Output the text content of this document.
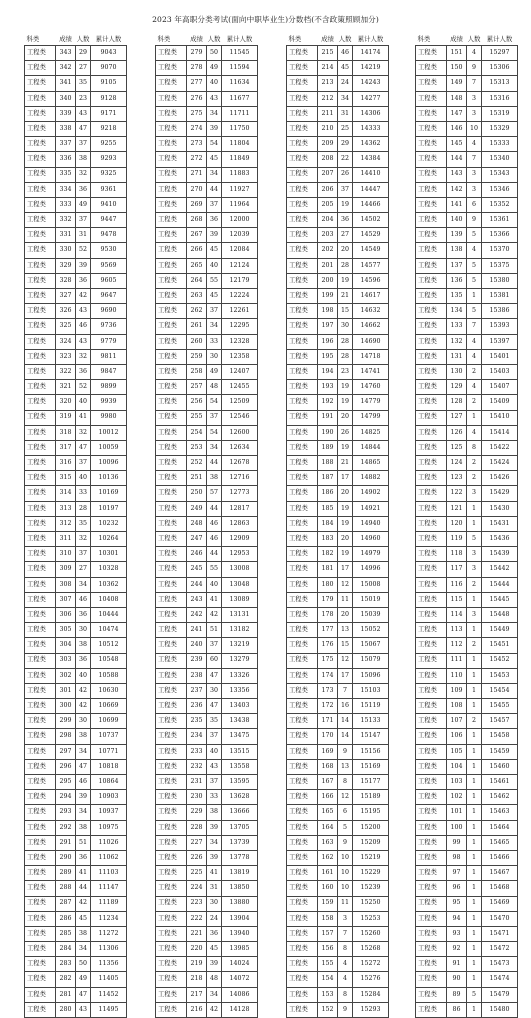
2023 年高职分类考试(面向中职毕业生)分数档(不含政策照顾加分)
科类	成绩	人数	累计人数
工程类	343	29	9043
工程类	342	27	9070
工程类	341	35	9105
工程类	340	23	9128
工程类	339	43	9171
工程类	338	47	9218
工程类	337	37	9255
工程类	336	38	9293
工程类	335	32	9325
工程类	334	36	9361
工程类	333	49	9410
工程类	332	37	9447
工程类	331	31	9478
工程类	330	52	9530
工程类	329	39	9569
工程类	328	36	9605
工程类	327	42	9647
工程类	326	43	9690
工程类	325	46	9736
工程类	324	43	9779
工程类	323	32	9811
工程类	322	36	9847
工程类	321	52	9899
工程类	320	40	9939
工程类	319	41	9980
工程类	318	32	10012
工程类	317	47	10059
工程类	316	37	10096
工程类	315	40	10136
工程类	314	33	10169
工程类	313	28	10197
工程类	312	35	10232
工程类	311	32	10264
工程类	310	37	10301
工程类	309	27	10328
工程类	308	34	10362
工程类	307	46	10408
工程类	306	36	10444
工程类	305	30	10474
工程类	304	38	10512
工程类	303	36	10548
工程类	302	40	10588
工程类	301	42	10630
工程类	300	42	10669
工程类	299	30	10699
工程类	298	38	10737
工程类	297	34	10771
工程类	296	47	10818
工程类	295	46	10864
工程类	294	39	10903
工程类	293	34	10937
工程类	292	38	10975
工程类	291	51	11026
工程类	290	36	11062
工程类	289	41	11103
工程类	288	44	11147
工程类	287	42	11189
工程类	286	45	11234
工程类	285	38	11272
工程类	284	34	11306
工程类	283	50	11356
工程类	282	49	11405
工程类	281	47	11452
工程类	280	43	11495
科类	成绩	人数	累计人数
工程类	279	50	11545
工程类	278	49	11594
工程类	277	40	11634
工程类	276	43	11677
工程类	275	34	11711
工程类	274	39	11750
工程类	273	54	11804
工程类	272	45	11849
工程类	271	34	11883
工程类	270	44	11927
工程类	269	37	11964
工程类	268	36	12000
工程类	267	39	12039
工程类	266	45	12084
工程类	265	40	12124
工程类	264	55	12179
工程类	263	45	12224
工程类	262	37	12261
工程类	261	34	12295
工程类	260	33	12328
工程类	259	30	12358
工程类	258	49	12407
工程类	257	48	12455
工程类	256	54	12509
工程类	255	37	12546
工程类	254	54	12600
工程类	253	34	12634
工程类	252	44	12678
工程类	251	38	12716
工程类	250	57	12773
工程类	249	44	12817
工程类	248	46	12863
工程类	247	46	12909
工程类	246	44	12953
工程类	245	55	13008
工程类	244	40	13048
工程类	243	41	13089
工程类	242	42	13131
工程类	241	51	13182
工程类	240	37	13219
工程类	239	60	13279
工程类	238	47	13326
工程类	237	30	13356
工程类	236	47	13403
工程类	235	35	13438
工程类	234	37	13475
工程类	233	40	13515
工程类	232	43	13558
工程类	231	37	13595
工程类	230	33	13628
工程类	229	38	13666
工程类	228	39	13705
工程类	227	34	13739
工程类	226	39	13778
工程类	225	41	13819
工程类	224	31	13850
工程类	223	30	13880
工程类	222	24	13904
工程类	221	36	13940
工程类	220	45	13985
工程类	219	39	14024
工程类	218	48	14072
工程类	217	34	14086
工程类	216	42	14128
科类	成绩	人数	累计人数
工程类	215	46	14174
工程类	214	45	14219
工程类	213	24	14243
工程类	212	34	14277
工程类	211	31	14306
工程类	210	25	14333
工程类	209	29	14362
工程类	208	22	14384
工程类	207	26	14410
工程类	206	37	14447
工程类	205	19	14466
工程类	204	36	14502
工程类	203	27	14529
工程类	202	20	14549
工程类	201	28	14577
工程类	200	19	14596
工程类	199	21	14617
工程类	198	15	14632
工程类	197	30	14662
工程类	196	28	14690
工程类	195	28	14718
工程类	194	23	14741
工程类	193	19	14760
工程类	192	19	14779
工程类	191	20	14799
工程类	190	26	14825
工程类	189	19	14844
工程类	188	21	14865
工程类	187	17	14882
工程类	186	20	14902
工程类	185	19	14921
工程类	184	19	14940
工程类	183	20	14960
工程类	182	19	14979
工程类	181	17	14996
工程类	180	12	15008
工程类	179	11	15019
工程类	178	20	15039
工程类	177	13	15052
工程类	176	15	15067
工程类	175	12	15079
工程类	174	17	15096
工程类	173	7	15103
工程类	172	16	15119
工程类	171	14	15133
工程类	170	14	15147
工程类	169	9	15156
工程类	168	13	15169
工程类	167	8	15177
工程类	166	12	15189
工程类	165	6	15195
工程类	164	5	15200
工程类	163	9	15209
工程类	162	10	15219
工程类	161	10	15229
工程类	160	10	15239
工程类	159	11	15250
工程类	158	3	15253
工程类	157	7	15260
工程类	156	8	15268
工程类	155	4	15272
工程类	154	4	15276
工程类	153	8	15284
工程类	152	9	15293
科类	成绩	人数	累计人数
工程类	151	4	15297
工程类	150	9	15306
工程类	149	7	15313
工程类	148	3	15316
工程类	147	3	15319
工程类	146	10	15329
工程类	145	4	15333
工程类	144	7	15340
工程类	143	3	15343
工程类	142	3	15346
工程类	141	6	15352
工程类	140	9	15361
工程类	139	5	15366
工程类	138	4	15370
工程类	137	5	15375
工程类	136	5	15380
工程类	135	1	15381
工程类	134	5	15386
工程类	133	7	15393
工程类	132	4	15397
工程类	131	4	15401
工程类	130	2	15403
工程类	129	4	15407
工程类	128	2	15409
工程类	127	1	15410
工程类	126	4	15414
工程类	125	8	15422
工程类	124	2	15424
工程类	123	2	15426
工程类	122	3	15429
工程类	121	1	15430
工程类	120	1	15431
工程类	119	5	15436
工程类	118	3	15439
工程类	117	3	15442
工程类	116	2	15444
工程类	115	1	15445
工程类	114	3	15448
工程类	113	1	15449
工程类	112	2	15451
工程类	111	1	15452
工程类	110	1	15453
工程类	109	1	15454
工程类	108	1	15455
工程类	107	2	15457
工程类	106	1	15458
工程类	105	1	15459
工程类	104	1	15460
工程类	103	1	15461
工程类	102	1	15462
工程类	101	1	15463
工程类	100	1	15464
工程类	99	1	15465
工程类	98	1	15466
工程类	97	1	15467
工程类	96	1	15468
工程类	95	1	15469
工程类	94	1	15470
工程类	93	1	15471
工程类	92	1	15472
工程类	91	1	15473
工程类	90	1	15474
工程类	89	5	15479
工程类	86	1	15480
